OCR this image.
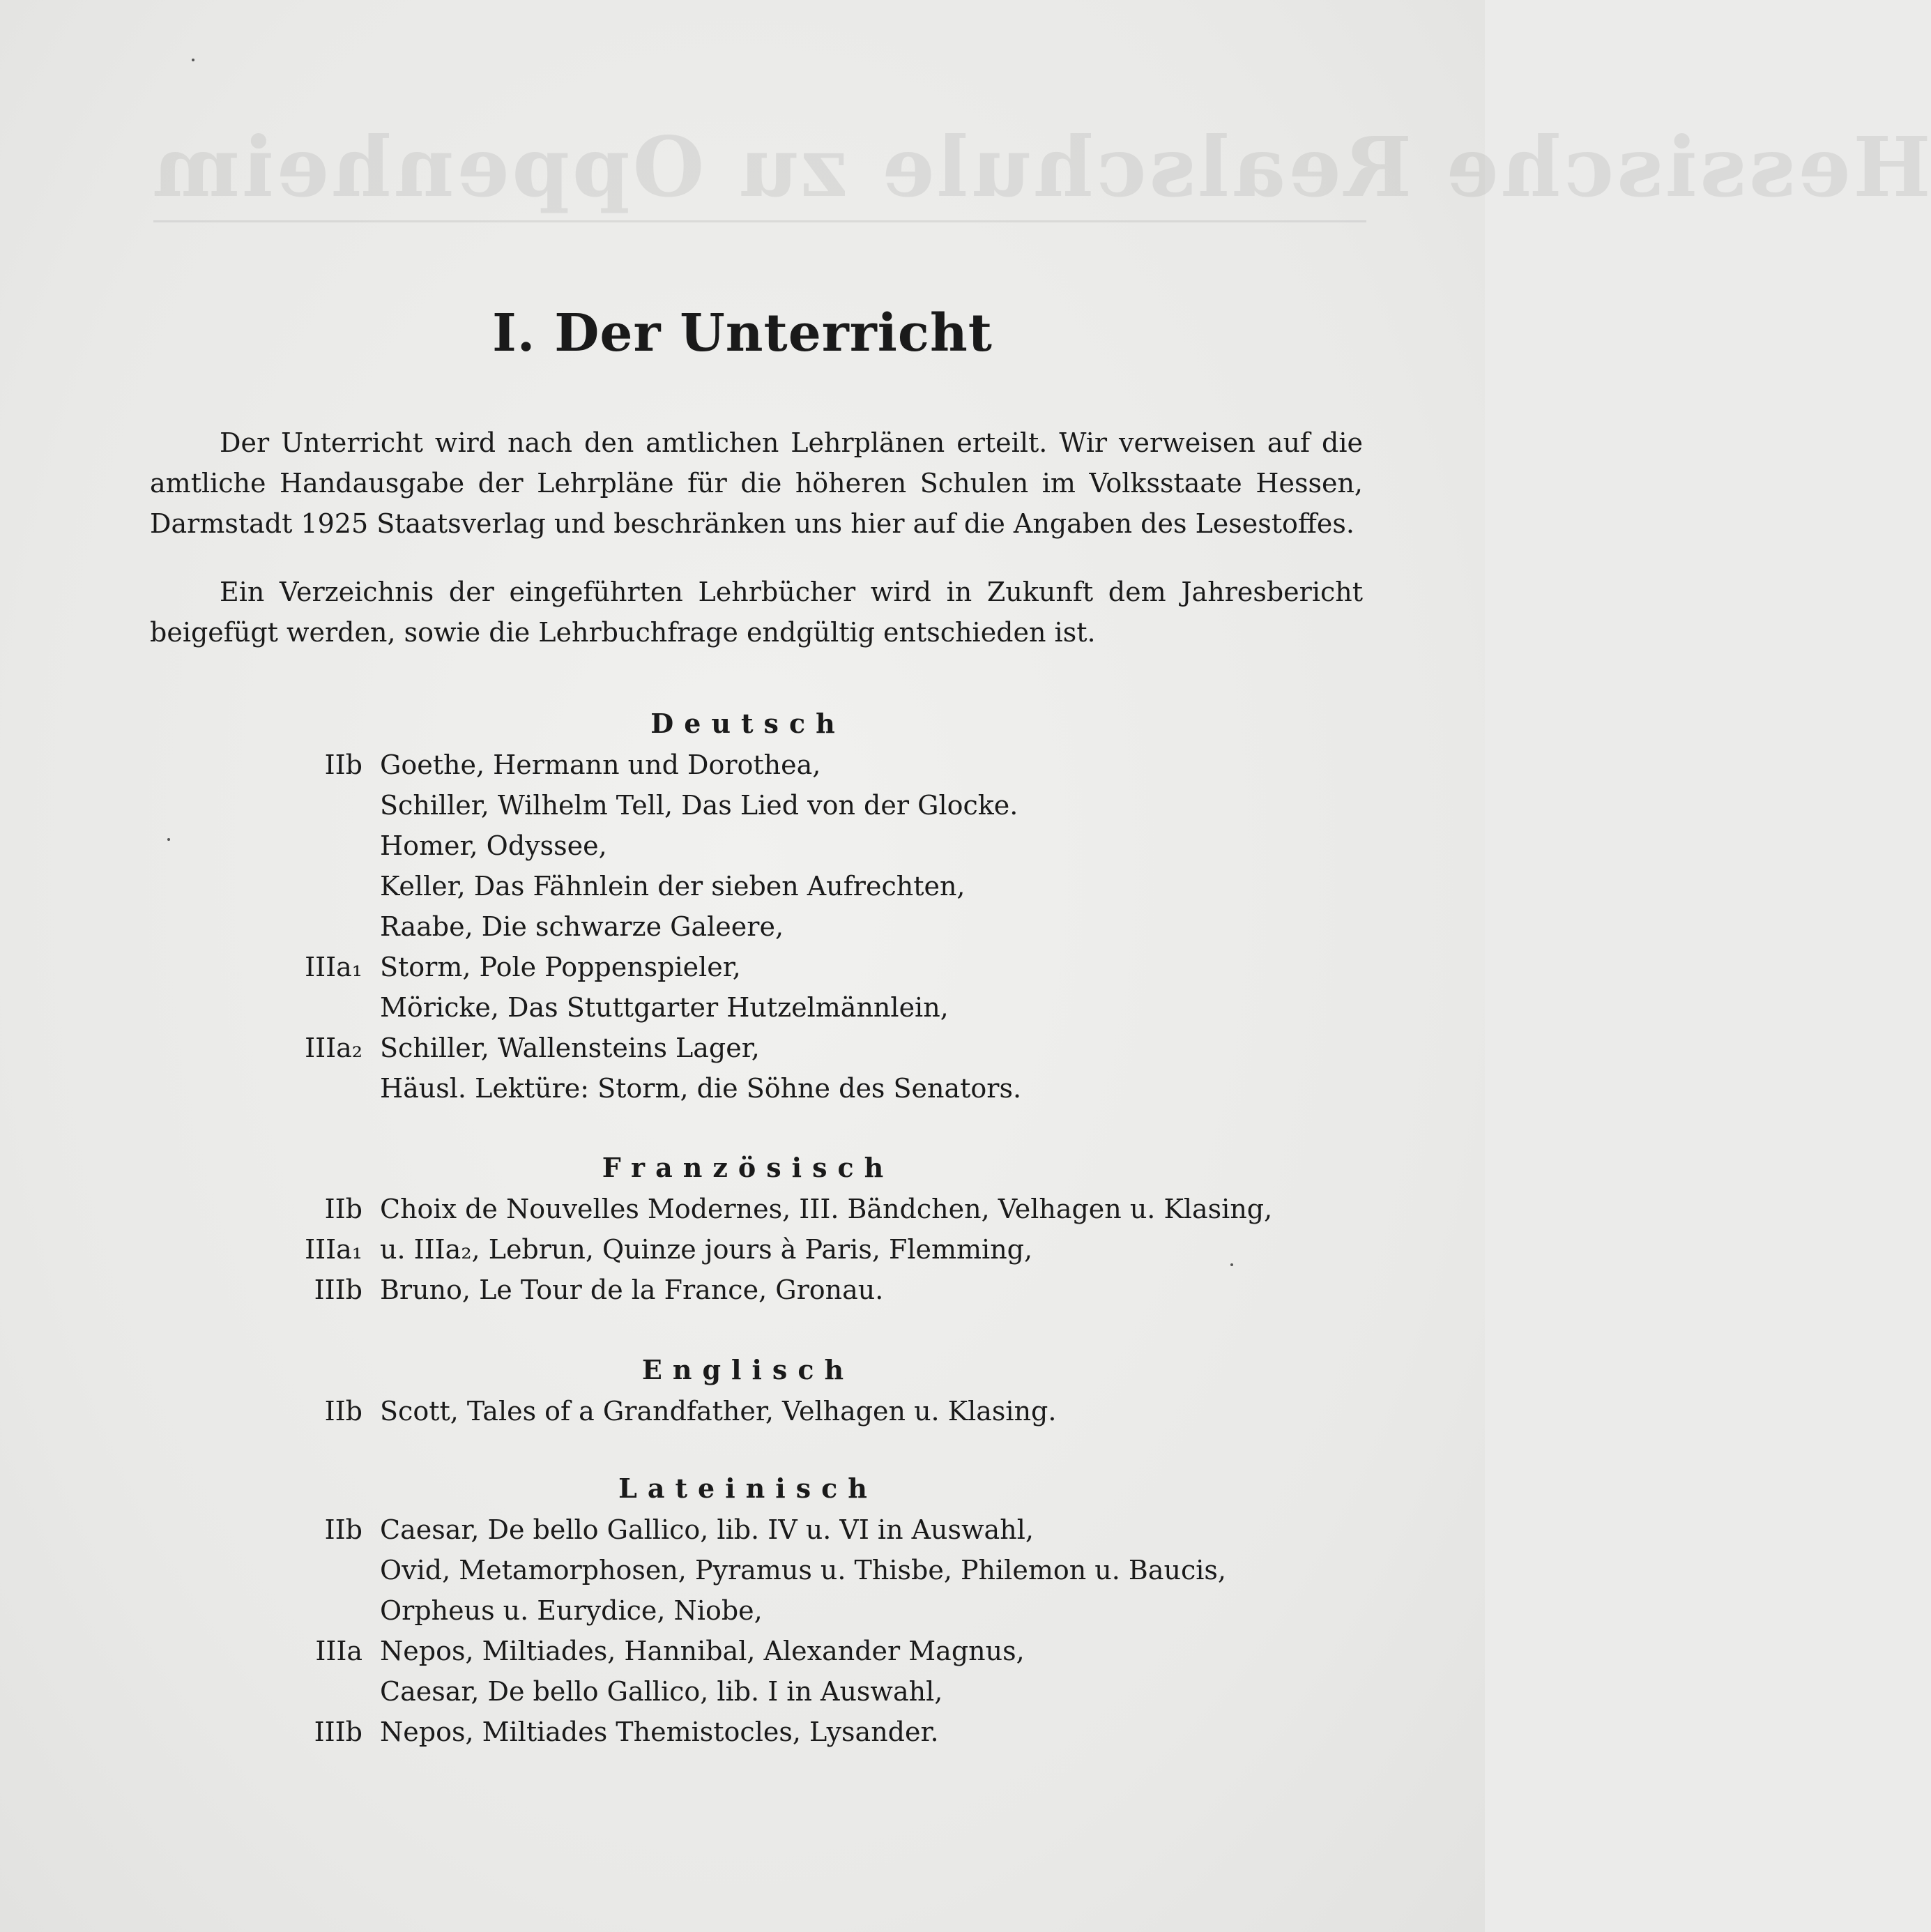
Hessische Realschule zu Oppenheim
I. Der Unterricht

Der Unterricht wird nach den amtlichen Lehrplänen erteilt. Wir verweisen auf die amtliche Handausgabe der Lehrpläne für die höheren Schulen im Volksstaate Hessen, Darmstadt 1925 Staatsverlag und beschränken uns hier auf die Angaben des Lesestoffes.

Ein Verzeichnis der eingeführten Lehrbücher wird in Zukunft dem Jahresbericht beigefügt werden, sowie die Lehrbuchfrage endgültig entschieden ist.

Deutsch
IIb Goethe, Hermann und Dorothea,
Schiller, Wilhelm Tell, Das Lied von der Glocke.
Homer, Odyssee,
Keller, Das Fähnlein der sieben Aufrechten,
Raabe, Die schwarze Galeere,
IIIa₁ Storm, Pole Poppenspieler,
Möricke, Das Stuttgarter Hutzelmännlein,
IIIa₂ Schiller, Wallensteins Lager,
Häusl. Lektüre: Storm, die Söhne des Senators.
Französisch
IIb Choix de Nouvelles Modernes, III. Bändchen, Velhagen u. Klasing,
IIIa₁ u. IIIa₂, Lebrun, Quinze jours à Paris, Flemming,
IIIb Bruno, Le Tour de la France, Gronau.
Englisch
IIb Scott, Tales of a Grandfather, Velhagen u. Klasing.
Lateinisch
IIb Caesar, De bello Gallico, lib. IV u. VI in Auswahl,
Ovid, Metamorphosen, Pyramus u. Thisbe, Philemon u. Baucis,
Orpheus u. Eurydice, Niobe,
IIIa Nepos, Miltiades, Hannibal, Alexander Magnus,
Caesar, De bello Gallico, lib. I in Auswahl,
IIIb Nepos, Miltiades Themistocles, Lysander.
